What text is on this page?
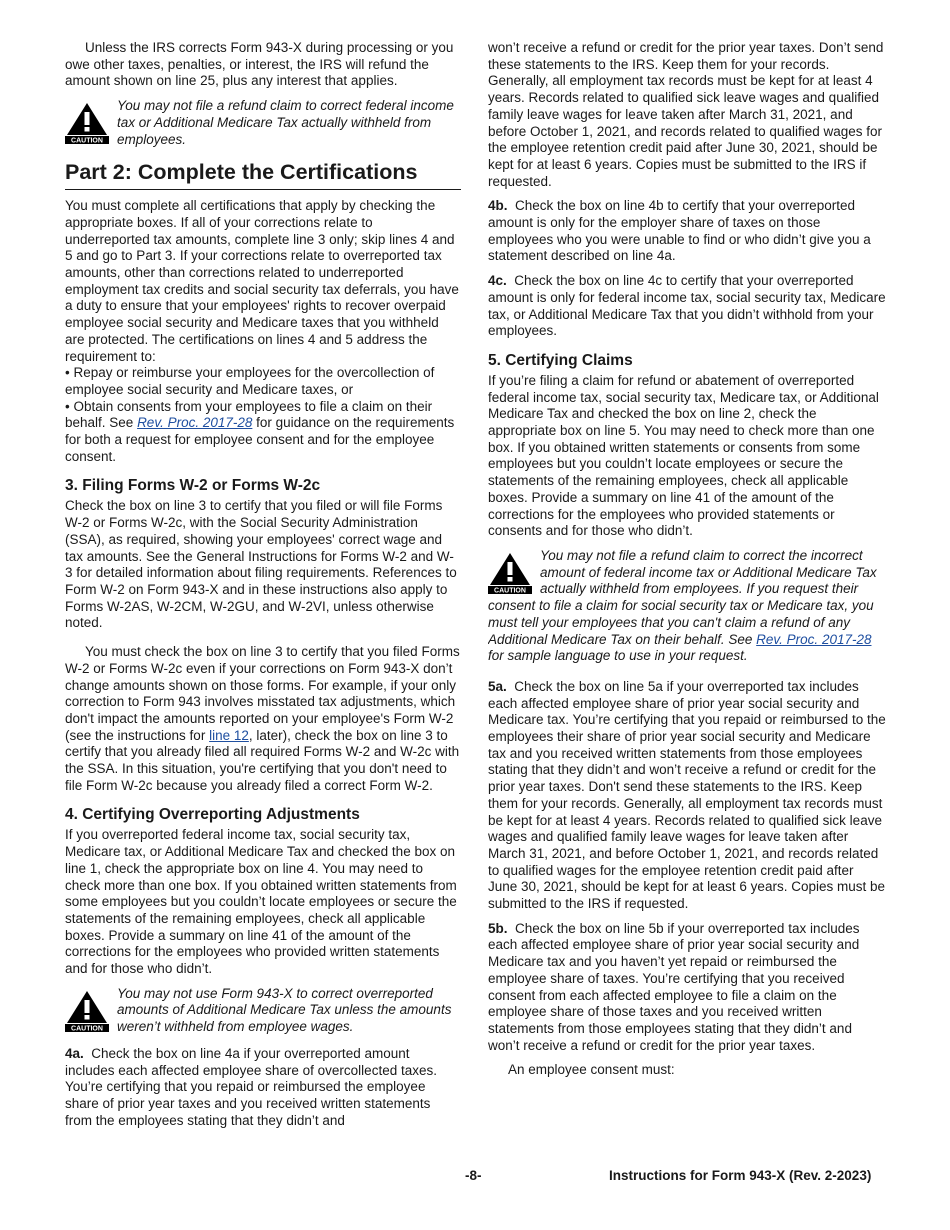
Unless the IRS corrects Form 943-X during processing or you owe other taxes, penalties, or interest, the IRS will refund the amount shown on line 25, plus any interest that applies.

CAUTION
You may not file a refund claim to correct federal income tax or Additional Medicare Tax actually withheld from employees.
Part 2: Complete the Certifications

You must complete all certifications that apply by checking the appropriate boxes. If all of your corrections relate to underreported tax amounts, complete line 3 only; skip lines 4 and 5 and go to Part 3. If your corrections relate to overreported tax amounts, other than corrections related to underreported employment tax credits and social security tax deferrals, you have a duty to ensure that your employees' rights to recover overpaid employee social security and Medicare taxes that you withheld are protected. The certifications on lines 4 and 5 address the requirement to:

• Repay or reimburse your employees for the overcollection of employee social security and Medicare taxes, or

• Obtain consents from your employees to file a claim on their behalf. See Rev. Proc. 2017-28 for guidance on the requirements for both a request for employee consent and for the employee consent.

3. Filing Forms W-2 or Forms W-2c

Check the box on line 3 to certify that you filed or will file Forms W-2 or Forms W-2c, with the Social Security Administration (SSA), as required, showing your employees' correct wage and tax amounts. See the General Instructions for Forms W-2 and W-3 for detailed information about filing requirements. References to Form W-2 on Form 943-X and in these instructions also apply to Forms W-2AS, W-2CM, W-2GU, and W-2VI, unless otherwise noted.

You must check the box on line 3 to certify that you filed Forms W-2 or Forms W-2c even if your corrections on Form 943-X don’t change amounts shown on those forms. For example, if your only correction to Form 943 involves misstated tax adjustments, which don't impact the amounts reported on your employee's Form W-2 (see the instructions for line 12, later), check the box on line 3 to certify that you already filed all required Forms W-2 and W-2c with the SSA. In this situation, you're certifying that you don't need to file Form W-2c because you already filed a correct Form W-2.

4. Certifying Overreporting Adjustments

If you overreported federal income tax, social security tax, Medicare tax, or Additional Medicare Tax and checked the box on line 1, check the appropriate box on line 4. You may need to check more than one box. If you obtained written statements from some employees but you couldn’t locate employees or secure the statements of the remaining employees, check all applicable boxes. Provide a summary on line 41 of the amount of the corrections for the employees who provided written statements and for those who didn’t.

CAUTION
You may not use Form 943-X to correct overreported amounts of Additional Medicare Tax unless the amounts weren’t withheld from employee wages.

4a. Check the box on line 4a if your overreported amount includes each affected employee share of overcollected taxes. You’re certifying that you repaid or reimbursed the employee share of prior year taxes and you received written statements from the employees stating that they didn’t and

won’t receive a refund or credit for the prior year taxes. Don’t send these statements to the IRS. Keep them for your records. Generally, all employment tax records must be kept for at least 4 years. Records related to qualified sick leave wages and qualified family leave wages for leave taken after March 31, 2021, and before October 1, 2021, and records related to qualified wages for the employee retention credit paid after June 30, 2021, should be kept for at least 6 years. Copies must be submitted to the IRS if requested.

4b. Check the box on line 4b to certify that your overreported amount is only for the employer share of taxes on those employees who you were unable to find or who didn’t give you a statement described on line 4a.

4c. Check the box on line 4c to certify that your overreported amount is only for federal income tax, social security tax, Medicare tax, or Additional Medicare Tax that you didn’t withhold from your employees.

5. Certifying Claims

If you’re filing a claim for refund or abatement of overreported federal income tax, social security tax, Medicare tax, or Additional Medicare Tax and checked the box on line 2, check the appropriate box on line 5. You may need to check more than one box. If you obtained written statements or consents from some employees but you couldn’t locate employees or secure the statements of the remaining employees, check all applicable boxes. Provide a summary on line 41 of the amount of the corrections for the employees who provided statements or consents and for those who didn’t.

CAUTION
You may not file a refund claim to correct the incorrect amount of federal income tax or Additional Medicare Tax actually withheld from employees. If you request their consent to file a claim for social security tax or Medicare tax, you must tell your employees that you can't claim a refund of any Additional Medicare Tax on their behalf. See Rev. Proc. 2017-28 for sample language to use in your request.

5a. Check the box on line 5a if your overreported tax includes each affected employee share of prior year social security and Medicare tax. You’re certifying that you repaid or reimbursed to the employees their share of prior year social security and Medicare tax and you received written statements from those employees stating that they didn’t and won’t receive a refund or credit for the prior year taxes. Don't send these statements to the IRS. Keep them for your records. Generally, all employment tax records must be kept for at least 4 years. Records related to qualified sick leave wages and qualified family leave wages for leave taken after March 31, 2021, and before October 1, 2021, and records related to qualified wages for the employee retention credit paid after June 30, 2021, should be kept for at least 6 years. Copies must be submitted to the IRS if requested.

5b. Check the box on line 5b if your overreported tax includes each affected employee share of prior year social security and Medicare tax and you haven’t yet repaid or reimbursed the employee share of taxes. You’re certifying that you received consent from each affected employee to file a claim on the employee share of those taxes and you received written statements from those employees stating that they didn’t and won’t receive a refund or credit for the prior year taxes.

An employee consent must:

-8-	Instructions for Form 943-X (Rev. 2-2023)
